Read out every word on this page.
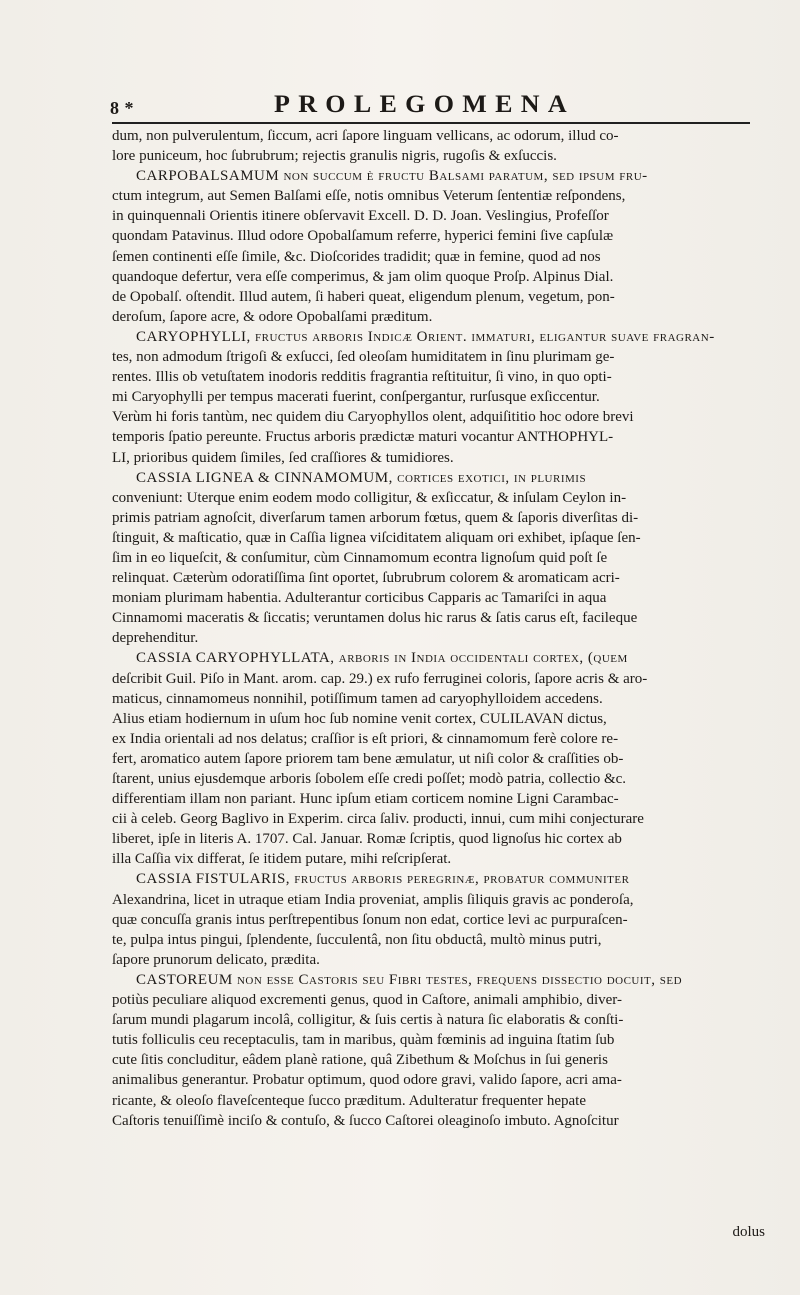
8 *	PROLEGOMENA
dum, non pulverulentum, ſiccum, acri ſapore linguam vellicans, ac odorum, illud co-
lore puniceum, hoc ſubrubrum; rejectis granulis nigris, rugoſis & exſuccis.
CARPOBALSAMUM non ſuccum è fructu Balſami paratum, ſed ipſum fru-
ctum integrum, aut Semen Balſami eſſe, notis omnibus Veterum ſententiæ reſpondens,
in quinquennali Orientis itinere obſervavit Excell. D. D. Joan. Veslingius, Profeſſor
quondam Patavinus. Illud odore Opobalſamum referre, hyperici femini ſive capſulæ
ſemen continenti eſſe ſimile, &c. Dioſcorides tradidit; quæ in femine, quod ad nos
quandoque defertur, vera eſſe comperimus, & jam olim quoque Proſp. Alpinus Dial.
de Opobalſ. oſtendit. Illud autem, ſi haberi queat, eligendum plenum, vegetum, pon-
deroſum, ſapore acre, & odore Opobalſami præditum.
CARYOPHYLLI, fructus arboris Indicæ Orient. immaturi, eligantur ſuave fragran-
tes, non admodum ſtrigoſi & exſucci, ſed oleoſam humiditatem in ſinu plurimam ge-
rentes. Illis ob vetuſtatem inodoris redditis fragrantia reſtituitur, ſi vino, in quo opti-
mi Caryophylli per tempus macerati fuerint, conſpergantur, rurſusque exſiccentur.
Verùm hi foris tantùm, nec quidem diu Caryophyllos olent, adquiſititio hoc odore brevi
temporis ſpatio pereunte. Fructus arboris prædictæ maturi vocantur ANTHOPHYL-
LI, prioribus quidem ſimiles, ſed craſſiores & tumidiores.
CASSIA LIGNEA & CINNAMOMUM, cortices exotici, in plurimis
conveniunt: Uterque enim eodem modo colligitur, & exſiccatur, & inſulam Ceylon in-
primis patriam agnoſcit, diverſarum tamen arborum fœtus, quem & ſaporis diverſitas di-
ſtinguit, & maſticatio, quæ in Caſſia lignea viſciditatem aliquam ori exhibet, ipſaque ſen-
ſim in eo liqueſcit, & conſumitur, cùm Cinnamomum econtra lignoſum quid poſt ſe
relinquat. Cæterùm odoratiſſima ſint oportet, ſubrubrum colorem & aromaticam acri-
moniam plurimam habentia. Adulterantur corticibus Capparis ac Tamariſci in aqua
Cinnamomi maceratis & ſiccatis; veruntamen dolus hic rarus & ſatis carus eſt, facileque
deprehenditur.
CASSIA CARYOPHYLLATA, arboris in India occidentali cortex, (quem
deſcribit Guil. Piſo in Mant. arom. cap. 29.) ex rufo ferruginei coloris, ſapore acris & aro-
maticus, cinnamomeus nonnihil, potiſſimum tamen ad caryophylloidem accedens.
Alius etiam hodiernum in uſum hoc ſub nomine venit cortex, CULILAVAN dictus,
ex India orientali ad nos delatus; craſſior is eſt priori, & cinnamomum ferè colore re-
fert, aromatico autem ſapore priorem tam bene æmulatur, ut niſi color & craſſities ob-
ſtarent, unius ejusdemque arboris ſobolem eſſe credi poſſet; modò patria, collectio &c.
differentiam illam non pariant. Hunc ipſum etiam corticem nomine Ligni Carambac-
cii à celeb. Georg Baglivo in Experim. circa ſaliv. producti, innui, cum mihi conjecturare
liberet, ipſe in literis A. 1707. Cal. Januar. Romæ ſcriptis, quod lignoſus hic cortex ab
illa Caſſia vix differat, ſe itidem putare, mihi reſcripſerat.
CASSIA FISTULARIS, fructus arboris peregrinæ, probatur communiter
Alexandrina, licet in utraque etiam India proveniat, amplis ſiliquis gravis ac ponderoſa,
quæ concuſſa granis intus perſtrepentibus ſonum non edat, cortice levi ac purpuraſcen-
te, pulpa intus pingui, ſplendente, ſucculentâ, non ſitu obductâ, multò minus putri,
ſapore prunorum delicato, prædita.
CASTOREUM non eſſe Caſtoris ſeu Fibri teſtes, frequens diſſectio docuit, ſed
potiùs peculiare aliquod excrementi genus, quod in Caſtore, animali amphibio, diver-
ſarum mundi plagarum incolâ, colligitur, & ſuis certis à natura ſic elaboratis & conſti-
tutis folliculis ceu receptaculis, tam in maribus, quàm fœminis ad inguina ſtatim ſub
cute ſitis concluditur, eâdem planè ratione, quâ Zibethum & Moſchus in ſui generis
animalibus generantur. Probatur optimum, quod odore gravi, valido ſapore, acri ama-
ricante, & oleoſo flaveſcenteque ſucco præditum. Adulteratur frequenter hepate
Caſtoris tenuiſſimè inciſo & contuſo, & ſucco Caſtorei oleaginoſo imbuto. Agnoſcitur
dolus
